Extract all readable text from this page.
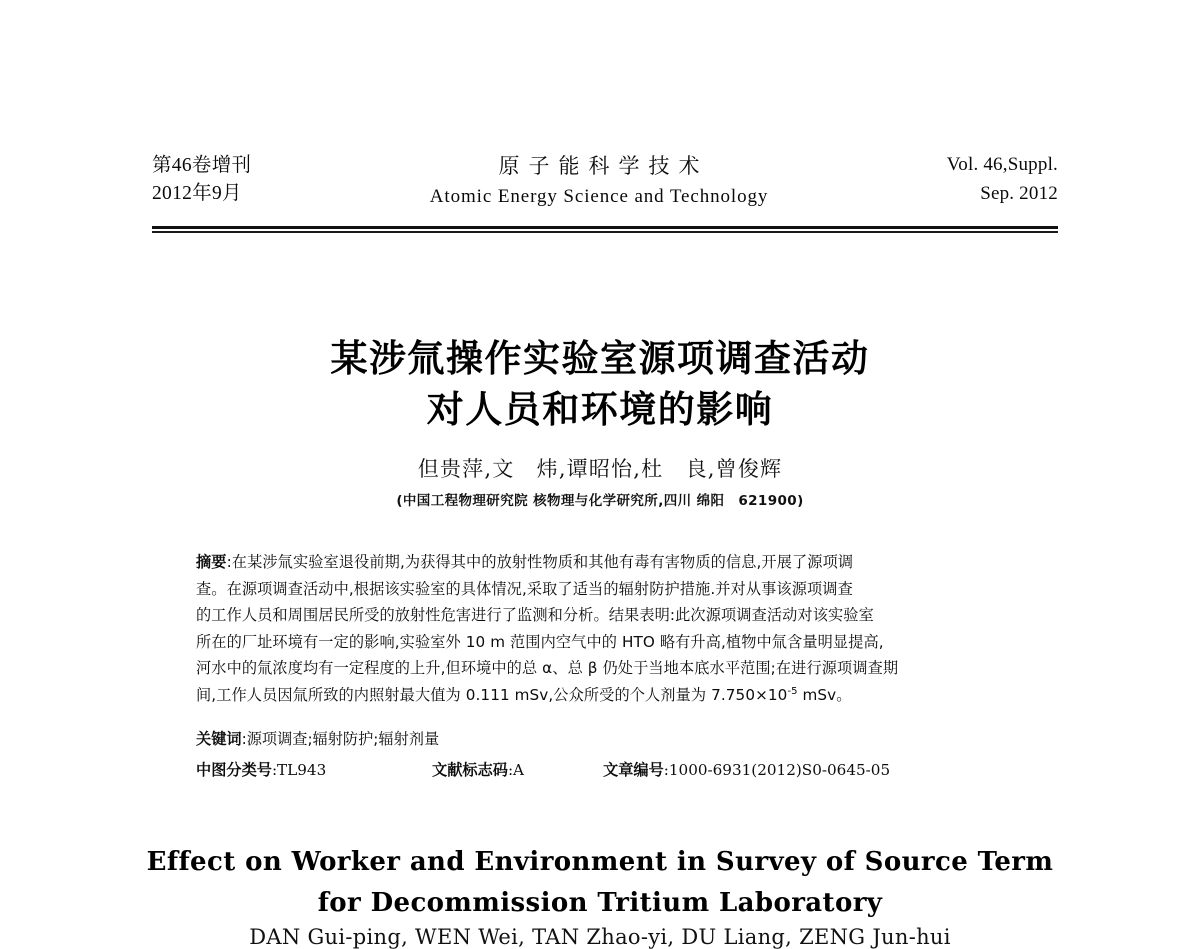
第46卷增刊
2012年9月
原子能科学技术
Atomic Energy Science and Technology
Vol. 46,Suppl.
Sep. 2012
某涉氚操作实验室源项调查活动
对人员和环境的影响
但贵萍,文　炜,谭昭怡,杜　良,曾俊辉
(中国工程物理研究院 核物理与化学研究所,四川 绵阳　621900)
摘要:在某涉氚实验室退役前期,为获得其中的放射性物质和其他有毒有害物质的信息,开展了源项调
查。在源项调查活动中,根据该实验室的具体情况,采取了适当的辐射防护措施.并对从事该源项调查
的工作人员和周围居民所受的放射性危害进行了监测和分析。结果表明:此次源项调查活动对该实验室
所在的厂址环境有一定的影响,实验室外 10 m 范围内空气中的 HTO 略有升高,植物中氚含量明显提高,
河水中的氚浓度均有一定程度的上升,但环境中的总 α、总 β 仍处于当地本底水平范围;在进行源项调查期
间,工作人员因氚所致的内照射最大值为 0.111 mSv,公众所受的个人剂量为 $7.750\times 10^{-5}$ mSv。
关键词:源项调查;辐射防护;辐射剂量
中图分类号:TL943	文献标志码:A	文章编号:1000-6931(2012)S0-0645-05
Effect on Worker and Environment in Survey of Source Term
for Decommission Tritium Laboratory
DAN Gui-ping, WEN Wei, TAN Zhao-yi, DU Liang, ZENG Jun-hui
